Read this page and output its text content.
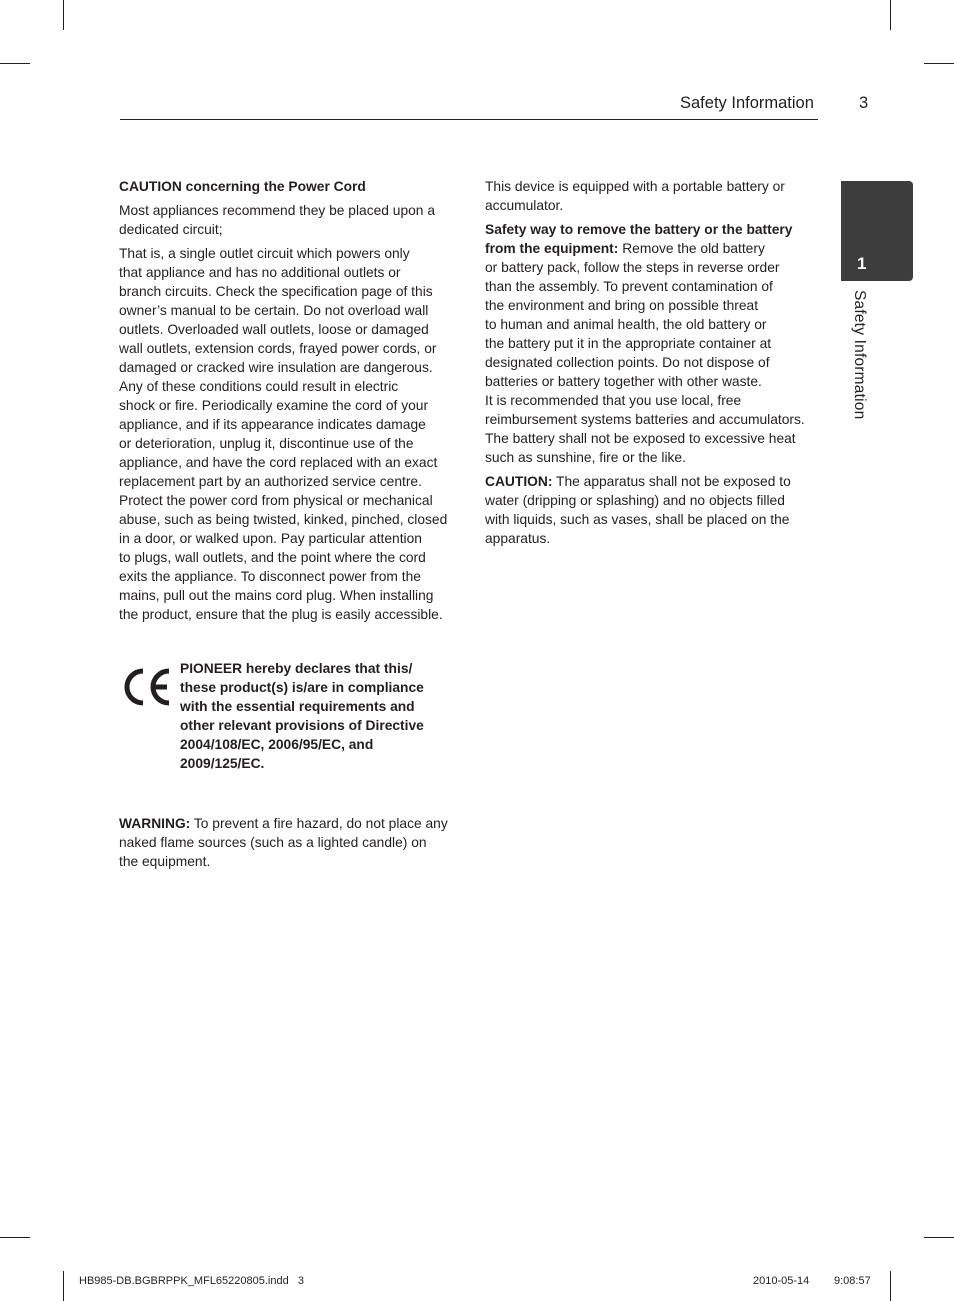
Safety Information	3
1
Safety Information

CAUTION concerning the Power Cord

Most appliances recommend they be placed upon a
dedicated circuit;

That is, a single outlet circuit which powers only
that appliance and has no additional outlets or
branch circuits. Check the specification page of this
owner’s manual to be certain. Do not overload wall
outlets. Overloaded wall outlets, loose or damaged
wall outlets, extension cords, frayed power cords, or
damaged or cracked wire insulation are dangerous.
Any of these conditions could result in electric
shock or fire. Periodically examine the cord of your
appliance, and if its appearance indicates damage
or deterioration, unplug it, discontinue use of the
appliance, and have the cord replaced with an exact
replacement part by an authorized service centre.
Protect the power cord from physical or mechanical
abuse, such as being twisted, kinked, pinched, closed
in a door, or walked upon. Pay particular attention
to plugs, wall outlets, and the point where the cord
exits the appliance. To disconnect power from the
mains, pull out the mains cord plug. When installing
the product, ensure that the plug is easily accessible.

PIONEER hereby declares that this/
these product(s) is/are in compliance
with the essential requirements and
other relevant provisions of Directive
2004/108/EC, 2006/95/EC, and
2009/125/EC.
WARNING: To prevent a fire hazard, do not place any
naked flame sources (such as a lighted candle) on
the equipment.

This device is equipped with a portable battery or
accumulator.

Safety way to remove the battery or the battery
from the equipment: Remove the old battery
or battery pack, follow the steps in reverse order
than the assembly. To prevent contamination of
the environment and bring on possible threat
to human and animal health, the old battery or
the battery put it in the appropriate container at
designated collection points. Do not dispose of
batteries or battery together with other waste.
It is recommended that you use local, free
reimbursement systems batteries and accumulators.
The battery shall not be exposed to excessive heat
such as sunshine, fire or the like.

CAUTION: The apparatus shall not be exposed to
water (dripping or splashing) and no objects filled
with liquids, such as vases, shall be placed on the
apparatus.

HB985-DB.BGBRPPK_MFL65220805.indd   3	2010-05-14 9:08:57
